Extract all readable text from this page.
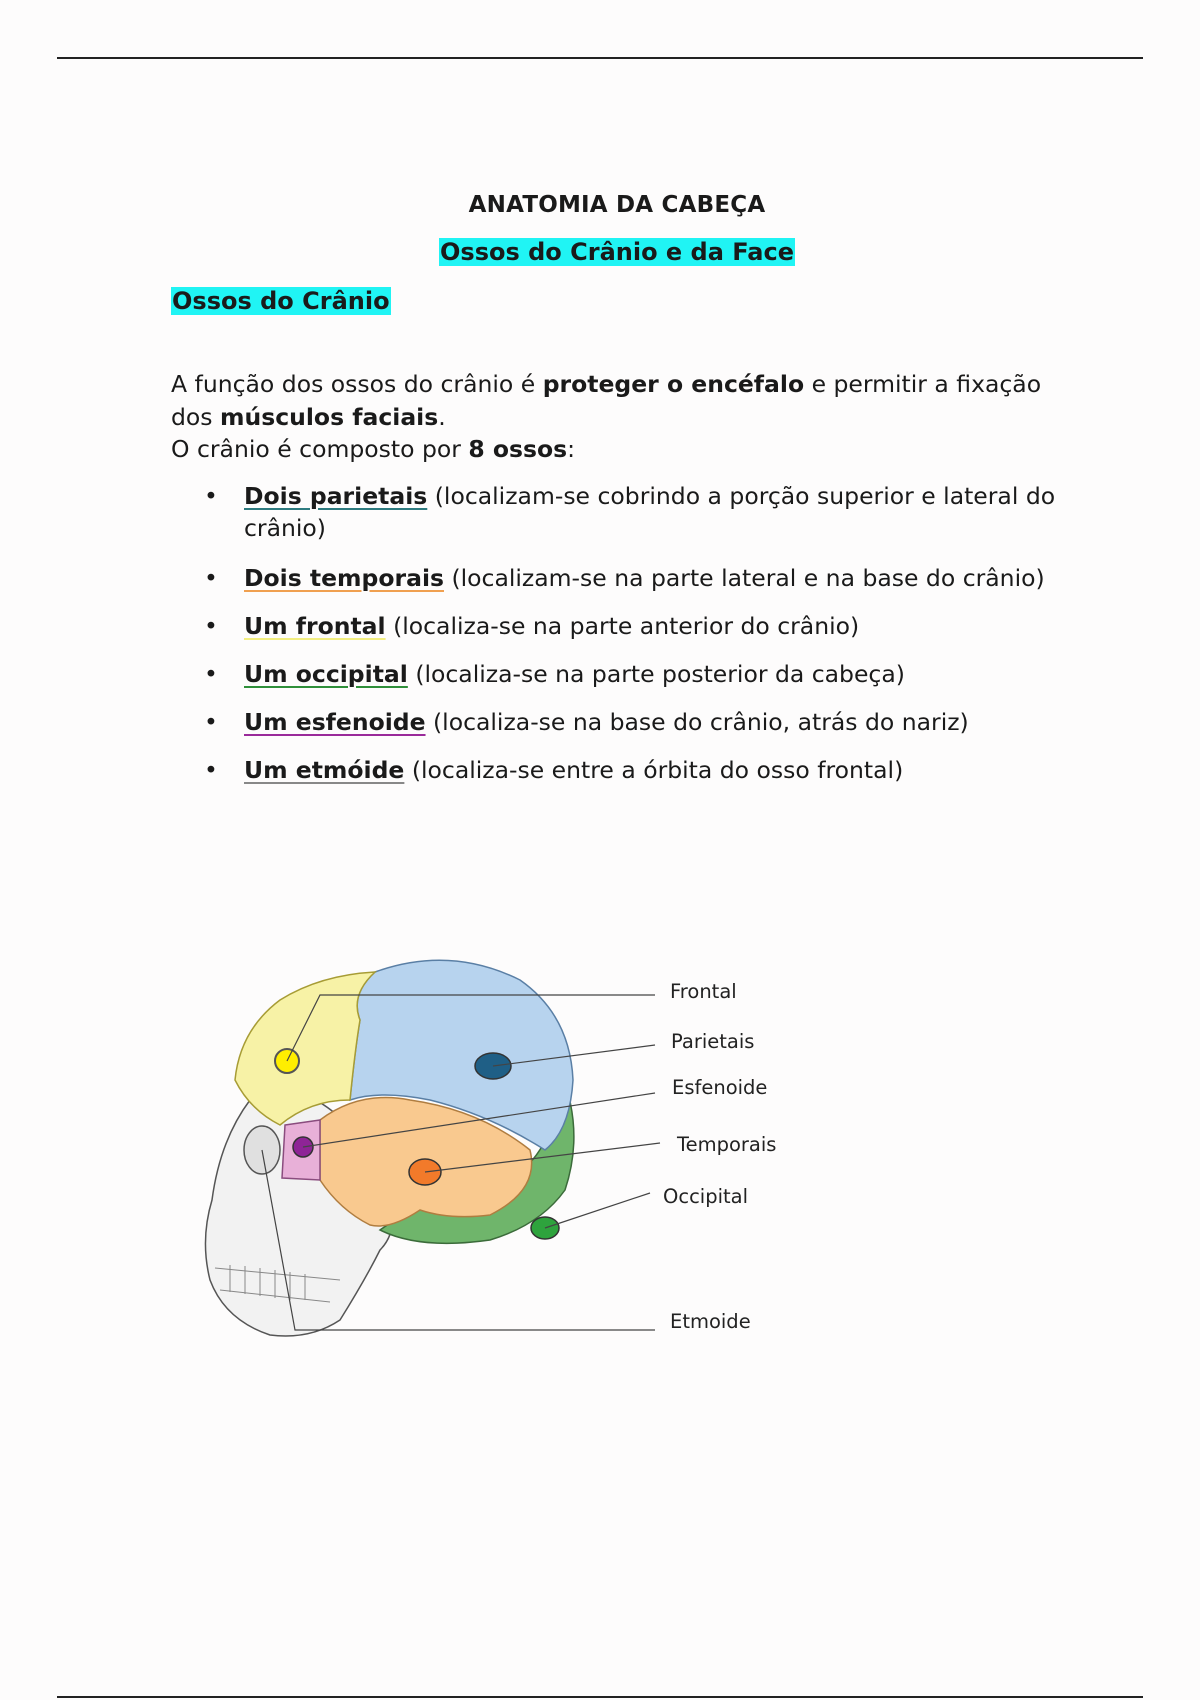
ANATOMIA DA CABEÇA
Ossos do Crânio e da Face
Ossos do Crânio

A função dos ossos do crânio é proteger o encéfalo e permitir a fixação dos músculos faciais.

O crânio é composto por 8 ossos:

• Dois parietais (localizam-se cobrindo a porção superior e lateral do crânio)
• Dois temporais (localizam-se na parte lateral e na base do crânio)
• Um frontal (localiza-se na parte anterior do crânio)
• Um occipital (localiza-se na parte posterior da cabeça)
• Um esfenoide (localiza-se na base do crânio, atrás do nariz)
• Um etmóide (localiza-se entre a órbita do osso frontal)
Frontal
Parietais
Esfenoide
Temporais
Occipital
Etmoide
